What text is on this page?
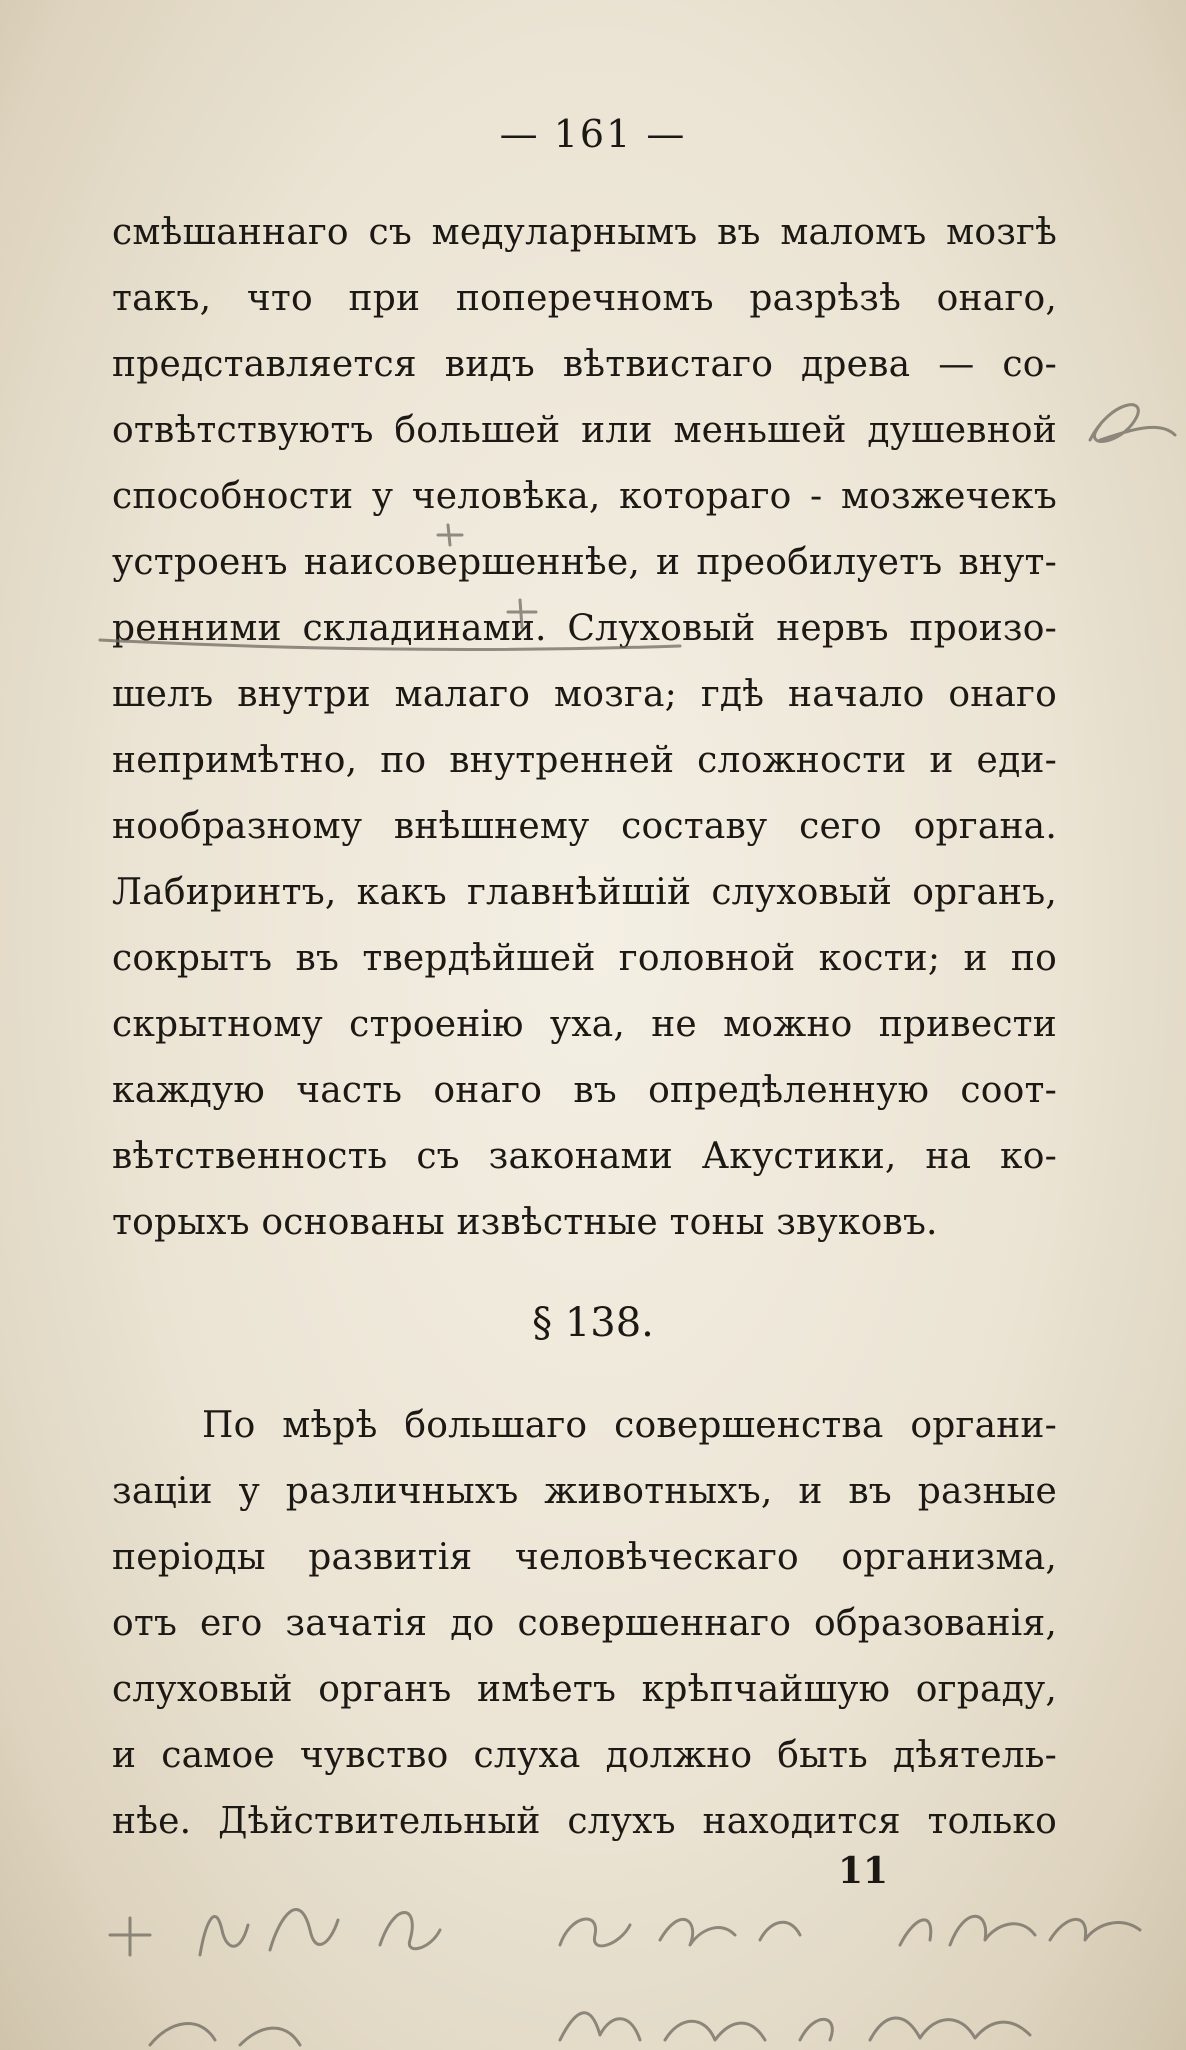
— 161 —
смѣшаннаго съ медуларнымъ въ маломъ мозгѣ
такъ, что при поперечномъ разрѣзѣ онаго,
представляется видъ вѣтвистаго древа — со-
отвѣтствуютъ большей или меньшей душевной
способности у человѣка, котораго - мозжечекъ
устроенъ наисовершеннѣе, и преобилуетъ внут-
ренними складинами. Слуховый нервъ произо-
шелъ внутри малаго мозга; гдѣ начало онаго
непримѣтно, по внутренней сложности и еди-
нообразному внѣшнему составу сего органа.
Лабиринтъ, какъ главнѣйшій слуховый органъ,
сокрытъ въ твердѣйшей головной кости; и по
скрытному строенію уха, не можно привести
каждую часть онаго въ опредѣленную соот-
вѣтственность съ законами Акустики, на ко-
торыхъ основаны извѣстные тоны звуковъ.
§ 138.
По мѣрѣ большаго совершенства органи-
заціи у различныхъ животныхъ, и въ разные
періоды развитія человѣческаго организма,
отъ его зачатія до совершеннаго образованія,
слуховый органъ имѣетъ крѣпчайшую ограду,
и самое чувство слуха должно быть дѣятель-
нѣе. Дѣйствительный слухъ находится только
11
